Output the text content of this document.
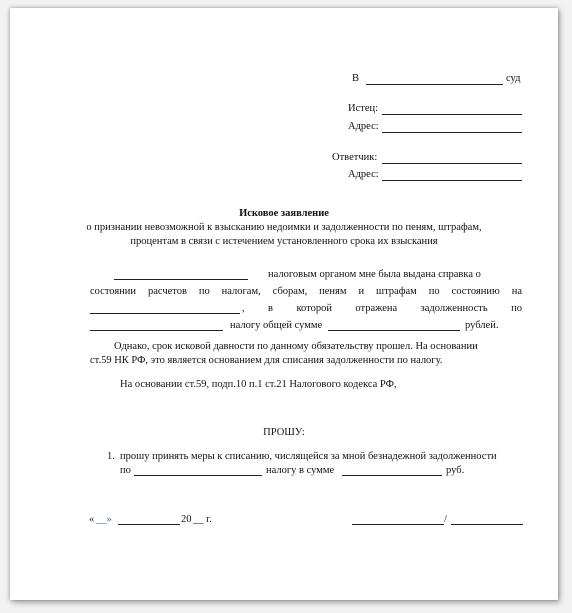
В	суд
Истец:
Адрес:
Ответчик:
Адрес:
Исковое заявление
о признании невозможной к взысканию недоимки и задолженности по пеням, штрафам,
процентам в связи с истечением установленного срока их взыскания
налоговым органом мне была выдана справка о
состоянии расчетов по налогам, сборам, пеням и штрафам по состоянию на
, в которой отражена задолженность по
налогу общей сумме	рублей.
Однако, срок исковой давности по данному обязательству прошел. На основании
ст.59 НК РФ, это является основанием для списания задолженности по налогу.
На основании ст.59, подп.10 п.1 ст.21 Налогового кодекса РФ,
ПРОШУ:
1. прошу принять меры к списанию, числящейся за мной безнадежной задолженности
по	налогу в сумме	руб.
« __»	20 __ г.	/
